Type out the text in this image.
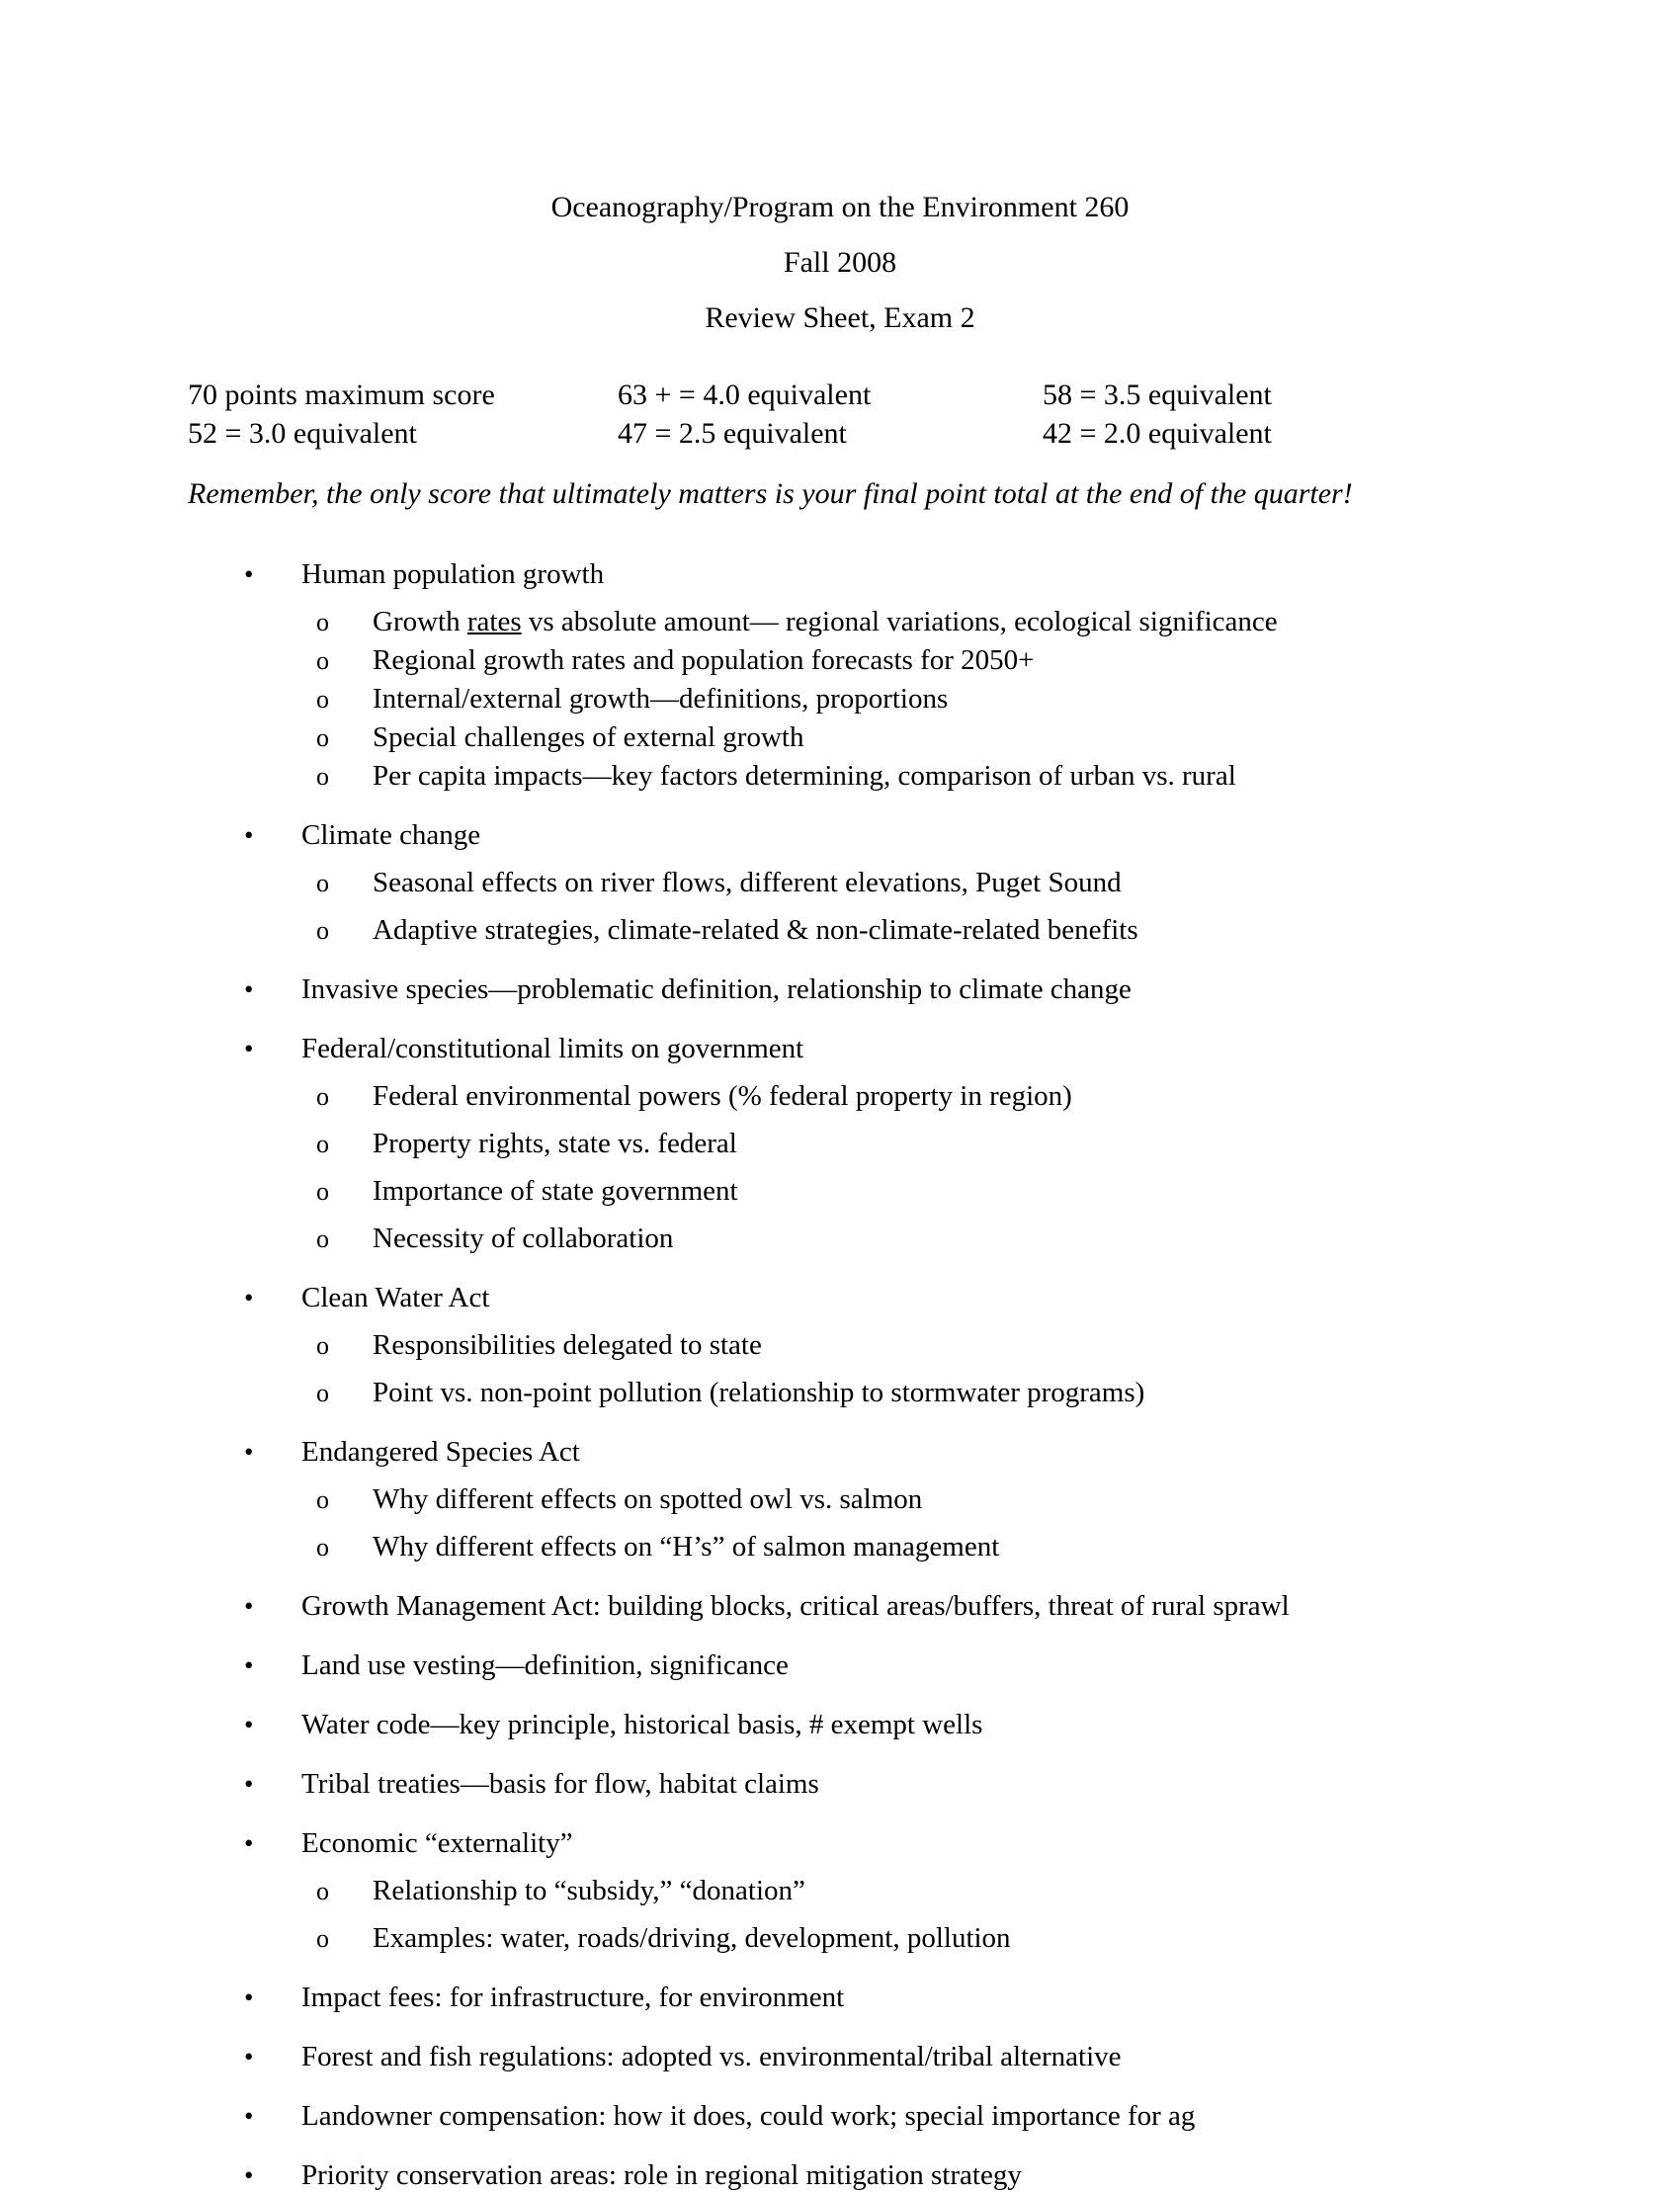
Oceanography/Program on the Environment 260
Fall 2008
Review Sheet, Exam 2
70 points maximum score	63 + = 4.0 equivalent	58 = 3.5 equivalent
52 = 3.0 equivalent	47 = 2.5 equivalent	42 = 2.0 equivalent
Remember, the only score that ultimately matters is your final point total at the end of the quarter!
• Human population growth
o Growth rates vs absolute amount— regional variations, ecological significance
o Regional growth rates and population forecasts for 2050+
o Internal/external growth—definitions, proportions
o Special challenges of external growth
o Per capita impacts—key factors determining, comparison of urban vs. rural
• Climate change
o Seasonal effects on river flows, different elevations, Puget Sound
o Adaptive strategies, climate-related & non-climate-related benefits
• Invasive species—problematic definition, relationship to climate change
• Federal/constitutional limits on government
o Federal environmental powers (% federal property in region)
o Property rights, state vs. federal
o Importance of state government
o Necessity of collaboration
• Clean Water Act
o Responsibilities delegated to state
o Point vs. non-point pollution (relationship to stormwater programs)
• Endangered Species Act
o Why different effects on spotted owl vs. salmon
o Why different effects on “H’s” of salmon management
• Growth Management Act: building blocks, critical areas/buffers, threat of rural sprawl
• Land use vesting—definition, significance
• Water code—key principle, historical basis, # exempt wells
• Tribal treaties—basis for flow, habitat claims
• Economic “externality”
o Relationship to “subsidy,” “donation”
o Examples: water, roads/driving, development, pollution
• Impact fees: for infrastructure, for environment
• Forest and fish regulations: adopted vs. environmental/tribal alternative
• Landowner compensation: how it does, could work; special importance for ag
• Priority conservation areas: role in regional mitigation strategy
